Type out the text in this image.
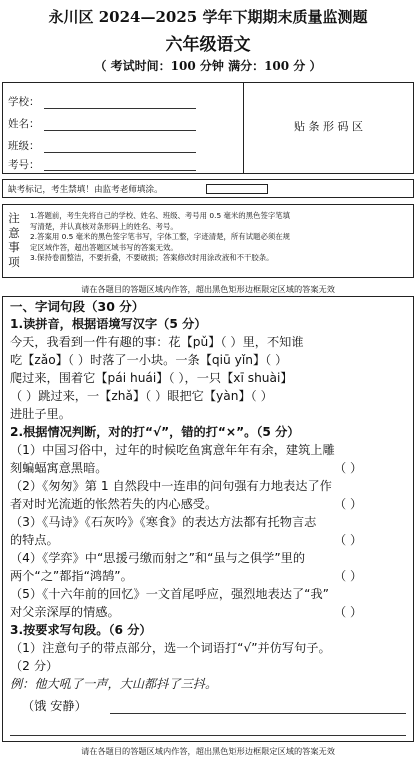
永川区 2024—2025 学年下期期末质量监测题
六年级语文
（ 考试时间：100 分钟 满分：100 分 ）
学校：
姓名：
班级：
考号：
贴 条 形 码 区
缺考标记，考生禁填！由监考老师填涂。
注
意
事
项
1.答题前，考生先将自己的学校、姓名、班级、考号用 0.5 毫米的黑色签字笔填
写清楚，并认真核对条形码上的姓名、考号。
2.答案用 0.5 毫米的黑色签字笔书写，字体工整，字迹清楚，所有试题必须在规
定区域作答，超出答题区域书写的答案无效。
3.保持卷面整洁，不要折叠，不要破损；答案修改时用涂改液和不干胶条。
请在各题目的答题区域内作答，超出黑色矩形边框限定区域的答案无效
一、字词句段（30 分）
1.读拼音，根据语境写汉字（5 分）
今天，我看到一件有趣的事：花【pǔ】（ ）里，不知谁
吃【zǎo】（ ）时落了一小块。一条【qiū yǐn】（ ）
爬过来，围着它【pái huái】（ ），一只【xī shuài】
（ ）跳过来，一【zhǎ】（ ）眼把它【yàn】（ ）
进肚子里。
2.根据情况判断，对的打“√”，错的打“×”。（5 分）
（1）中国习俗中，过年的时候吃鱼寓意年年有余，建筑上雕
刻蝙蝠寓意黑暗。	（ ）
（2）《匆匆》第 1 自然段中一连串的问句强有力地表达了作
者对时光流逝的怅然若失的内心感受。	（ ）
（3）《马诗》《石灰吟》《寒食》的表达方法都有托物言志
的特点。	（ ）
（4）《学弈》中“思援弓缴而射之”和“虽与之俱学”里的
两个“之”都指“鸿鹄”。	（ ）
（5）《十六年前的回忆》一文首尾呼应，强烈地表达了“我”
对父亲深厚的情感。	（ ）
3.按要求写句段。（6 分）
（1）注意句子的带点部分，选一个词语打“√”并仿写句子。
（2 分）
例：他大吼了一声，大山都抖了三抖。
（饿 安静）
请在各题目的答题区域内作答，超出黑色矩形边框限定区域的答案无效
